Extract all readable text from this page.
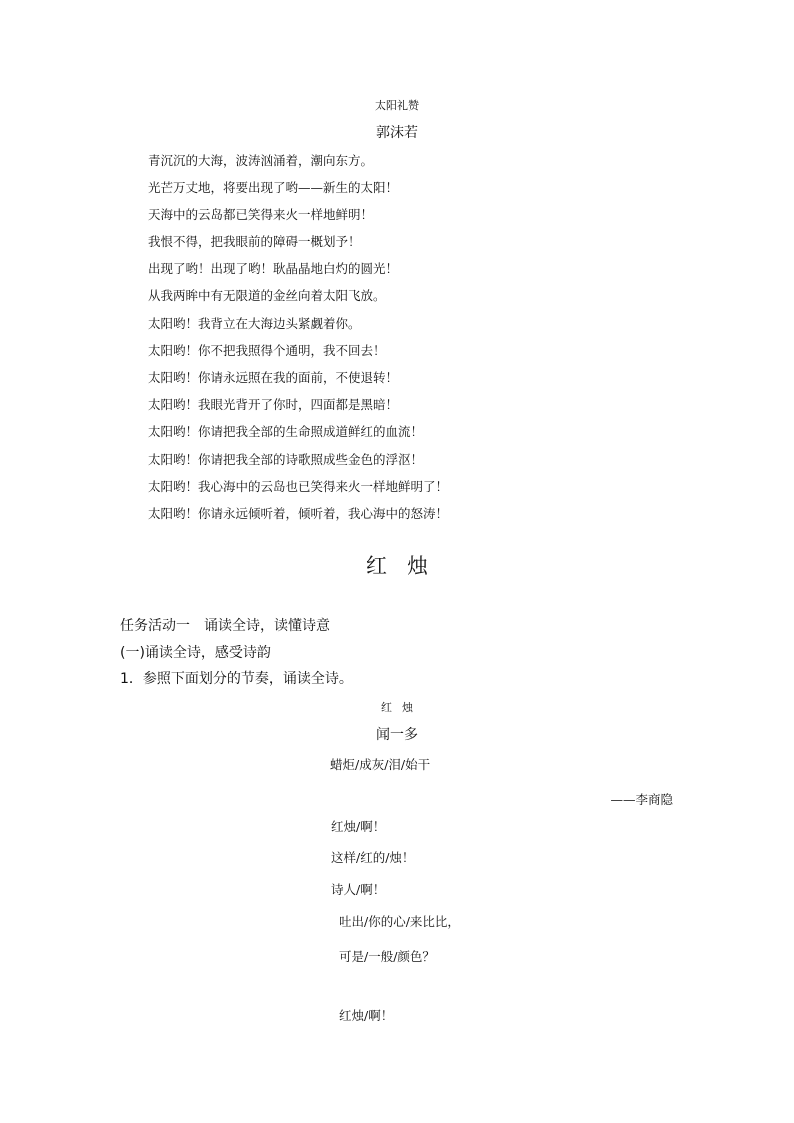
太阳礼赞
郭沫若
青沉沉的大海，波涛汹涌着，潮向东方。
光芒万丈地，将要出现了哟——新生的太阳！
天海中的云岛都已笑得来火一样地鲜明！
我恨不得，把我眼前的障碍一概划予！
出现了哟！出现了哟！耿晶晶地白灼的圆光！
从我两眸中有无限道的金丝向着太阳飞放。
太阳哟！我背立在大海边头紧觑着你。
太阳哟！你不把我照得个通明，我不回去！
太阳哟！你请永远照在我的面前，不使退转！
太阳哟！我眼光背开了你时，四面都是黑暗！
太阳哟！你请把我全部的生命照成道鲜红的血流！
太阳哟！你请把我全部的诗歌照成些金色的浮沤！
太阳哟！我心海中的云岛也已笑得来火一样地鲜明了！
太阳哟！你请永远倾听着，倾听着，我心海中的怒涛！
红烛
任务活动一　诵读全诗，读懂诗意
(一)诵读全诗，感受诗韵
1．参照下面划分的节奏，诵读全诗。
红烛
闻一多
蜡炬/成灰/泪/始干
——李商隐
红烛/啊！
这样/红的/烛！
诗人/啊！
吐出/你的心/来比比，
可是/一般/颜色？
红烛/啊！
